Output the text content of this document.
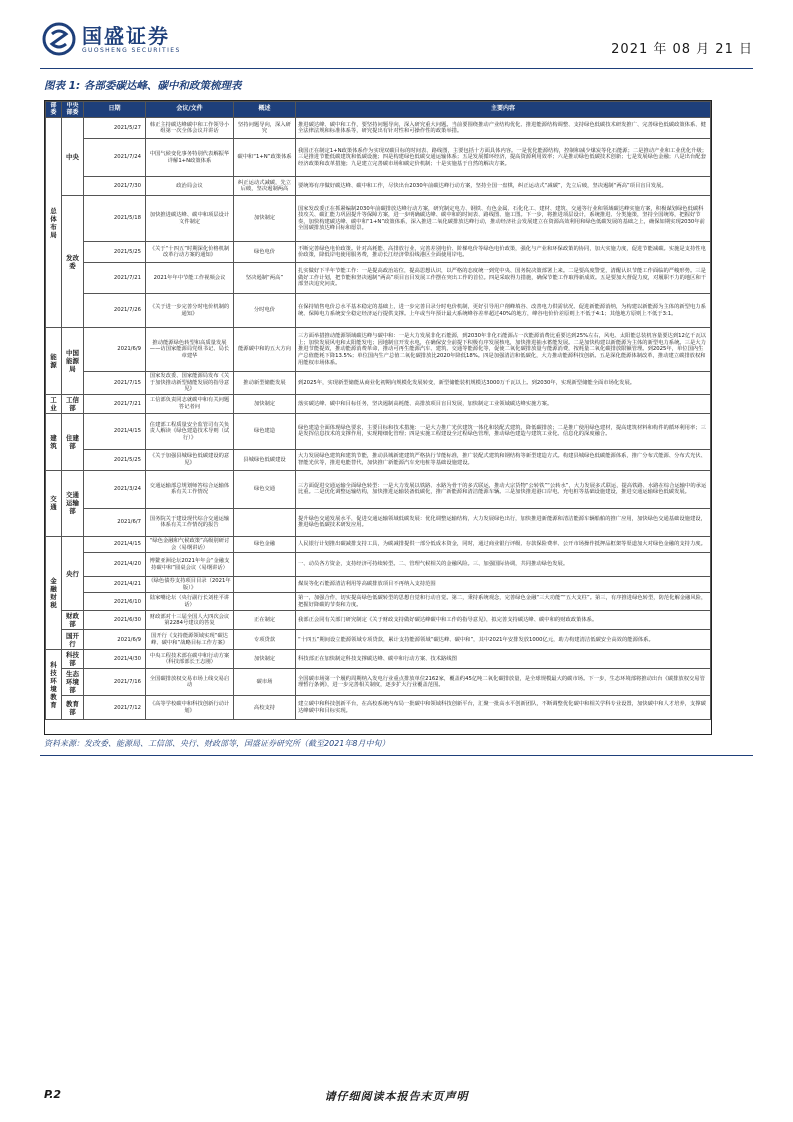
国盛证券
GUOSHENG SECURITIES	2021 年 08 月 21 日
图表 1: 各部委碳达峰、碳中和政策梳理表
部委	中央部委	日期	会议/文件	概述	主要内容
总体布局	中央	2021/5/27	韩正主持碳达峰碳中和工作领导小组第一次全体会议并讲话	坚持问题导向，深入研究	推进碳达峰、碳中和工作，要坚持问题导向，深入研究重大问题。当前要围绕推动产业结构优化、推进能源结构调整、支持绿色低碳技术研发推广、完善绿色低碳政策体系、健全法律法规和标准体系等，研究提出有针对性和可操作性的政策举措。
		2021/7/24	中国气候变化事务特别代表解振华详解1+N政策体系	碳中和“1+N”政策体系	我国正在制定1+N政策体系作为实现双碳目标的时间表、路线图，主要包括十方面具体内容。一是优化能源结构，控制和减少煤炭等化石能源；二是推动产业和工业优化升级；三是推进节能低碳建筑和低碳设施；四是构建绿色低碳交通运输体系；五是发展循环经济，提高资源利用效率；六是推动绿色低碳技术创新；七是发展绿色金融；八是出台配套经济政策和改革措施；九是建立完善碳市场和碳定价机制；十是实施基于自然的解决方案。
		2021/7/30	政治局会议	纠正运动式减碳，先立后破，坚决遏制两高	要统筹有序做好碳达峰、碳中和工作，尽快出台2030年前碳达峰行动方案，坚持全国一盘棋，纠正运动式“减碳”，先立后破，坚决遏制“两高”项目盲目发展。
	发改委	2021/5/18	加快推进碳达峰、碳中和项层设计文件制定	加快制定	国家发改委正在抓紧编制2030年前碳排放达峰行动方案，研究制定电力、钢铁、有色金属、石化化工、建材、建筑、交通等行业和领域碳达峰实施方案，积极谋划绿色低碳科技攻关、碳汇能力巩固提升等保障方案，进一步明确碳达峰、碳中和的时间表、路线图、施工图。下一步，将推进项层设计，系统推进、分类施策，坚持全国统筹，把握好节奏，加快构建碳达峰、碳中和“1+N”政策体系，深入推进二氧化碳排放达峰行动，推动经济社会发展建立在资源高效利用和绿色低碳发展的基础之上，确保如期实现2030年前全国碳排放达峰目标和愿景。
		2021/5/25	《关于“十四五”时期深化价格机制改革行动方案的通知》	绿色电价	不断完善绿色电价政策。针对高耗能、高排放行业，完善差别电价、阶梯电价等绿色电价政策，强化与产业和环保政策的协同，加大实施力度，促进节能减碳。实施是支持性电价政策，降低岸电使用服务费，推动长江经济带沿线港区全面使用岸电。
		2021/7/21	2021年年中节能工作视频会议	坚决遏制“两高”	扎实做好下半年节能工作：一是提高政治站位，提高思想认识，以严格的态度统一到党中央、国务院决策部署上来。二是要高度警觉，清醒认识节能工作面临的严峻形势。三是做好工作计划，把节能和坚决遏制“两高”项目盲目发展工作摆在突出工作的首位。四是采取得力措施，确保节能工作取得新成效。五是要加大督促力度，对履职不力的地区和干部坚决追究问责。
		2021/7/26	《关于进一步完善分时电价机制的通知》	分时电价	在保持销售电价总水平基本稳定的基础上，进一步完善目录分时电价机制，更好引导用户削峰填谷、改善电力供需状况、促进新能源消纳，为构建以新能源为主体的新型电力系统、保障电力系统安全稳定经济运行提供支撑。上年或当年预计最大系统峰谷差率超过40%的地方，峰谷电价价差原则上不低于4:1；其他地方原则上不低于3:1。
能源	中国能源局	2021/6/9	推动能源绿色转型和高质量发展——访国家能源局党组书记、局长章建华	能源碳中和的五大方向	三方面举措推动能源领域碳达峰与碳中和：一是大力发展非化石能源，到2030年非化石能源占一次能源消费比重要达到25%左右，风电、太阳能总装机容量要达到12亿千瓦以上；加快发展风电和太阳能发电；因地制宜开发水电，在确保安全前提下积极有序发展核电，加快推进抽水蓄能发展。二是加快构建以新能源为主体的新型电力系统。三是大力推进节能提效，推动能源消费革命，推动可再生能源汽车、建筑、交通等能源化等，促使二氧化碳排放量与能源消费，按耗量二氧化碳排放限额管理。到2025年，单位国内生产总值能耗下降13.5%；单位国内生产总值二氧化碳排放比2020年降低18%。四是加强清洁和低碳化，大力推动能源科技创新。五是深化能源体制改革，推动建立碳排放权和用能权市场体系。
		2021/7/15	国家发改委、国家能源局发布《关于加快推动新型储能发展的指导意见》	推动新型储能发展	到2025年，实现新型储能从商业化初期向规模化发展转变，新型储能装机规模达3000万千瓦以上。到2030年，实现新型储能全面市场化发展。
工业	工信部	2021/7/21	工信部负责同志就碳中和有关问题答记者问	加快制定	落实碳达峰、碳中和目标任务，坚决遏制高耗能、高排放项目盲目发展，加快制定工业领域碳达峰实施方案。
建筑	住建部	2021/4/15	住建部工程质量安全监管司有关负责人解读《绿色建造技术导则（试行）》	绿色建造	绿色建造全面体现绿色要求，主要目标和技术措施：一是大力推广光伏建筑一体化和装配式建筑，降低碳排放；二是推广使用绿色建材，提高建筑材料和构件的循环利用率；三是发挥信息技术的支撑作用，实现精细化管理；四是实施工程建设全过程绿色管理，推动绿色建造与建筑工业化、信息化的深度融合。
		2021/5/25	《关于加强县城绿色低碳建设的意见》	县城绿色低碳建设	大力发展绿色建筑和建筑节能，推动县城新建建筑严格执行节能标准，推广装配式建筑和钢结构等新型建造方式。构建县城绿色低碳能源体系，推广分布式能源、分布式光伏、智能光伏等，推进电能替代，加快推广新能源汽车充电桩等基础设施建设。
交通	交通运输部	2021/3/24	交通运输部总规划师答综合运输体系有关工作情况	绿色交通	三方面促进交通运输全面绿色转型：一是大力发展以铁路、水路为骨干的多式联运，推动大宗货物“公转铁”“公转水”，大力发展多式联运，提高铁路、水路在综合运输中的承运比重。二是优化调整运输结构，加快推进运输装备低碳化，推广新能源和清洁能源车辆。三是加快推进港口岸电、充电桩等基础设施建设，推进交通运输绿色低碳发展。
		2021/6/7	国务院关于建设现代综合交通运输体系有关工作情况的报告		提升绿色交通发展水平，促进交通运输领域低碳发展：优化调整运输结构，大力发展绿色出行，加快推进新能源和清洁能源车辆船舶的推广应用，加快绿色交通基础设施建设，推进绿色低碳技术研发应用。
金融财税	央行	2021/4/15	“绿色金融和气候政策”高级别研讨会（易纲讲话）	绿色金融	人民银行计划推出碳减排支持工具，为碳减排提供一部分低成本资金，同时，通过商业银行评级、存款保险费率、公开市场操作抵押品框架等渠道加大对绿色金融的支持力度。
		2021/4/20	博鳌亚洲论坛2021年年会“金融支持碳中和”圆桌会议（易纲讲话）		一、动员各方资金，支持经济可持续转型。二、管理气候相关的金融风险。三、加强国际协调，共同推动绿色发展。
		2021/4/21	《绿色债券支持项目目录（2021年版）》		煤炭等化石能源清洁利用等高碳排放项目不再纳入支持范围
		2021/6/10	陆家嘴论坛（央行副行长刘桂平讲话）		第一，加强合作，切实提高绿色低碳转型的思想自觉和行动自觉。第二，秉持系统观念，完善绿色金融“三大功能”“五大支柱”。第三，有序推进绿色转型，防范化解金融风险，把握好降碳的节奏和力度。
	财政部	2021/6/30	财政部对十三届全国人大四次会议第2284号建议的答复	正在制定	我部正会同有关部门研究制定《关于财政支持做好碳达峰碳中和工作的指导意见》，拟完善支持碳达峰、碳中和的财政政策体系。
	国开行	2021/6/9	国开行《支持能源领域实现“碳达峰、碳中和”战略目标工作方案》	专项贷款	“十四五”期间设立能源领域专项贷款，累计支持能源领域“碳达峰、碳中和”，其中2021年安排发放1000亿元，助力构建清洁低碳安全高效的能源体系。
科技环境教育	科技部	2021/4/30	中央工程技术部在碳中和行动方案（科技部部长王志刚）	加快制定	科技部正在加快制定科技支撑碳达峰、碳中和行动方案、技术路线图
	生态环境部	2021/7/16	全国碳排放权交易市场上线交易启动	碳市场	全国碳市场第一个履约周期纳入发电行业重点排放单位2162家，覆盖约45亿吨二氧化碳排放量，是全球规模最大的碳市场。下一步，生态环境部将推动出台《碳排放权交易管理暂行条例》，进一步完善相关制度，逐步扩大行业覆盖范围。
	教育部	2021/7/12	《高等学校碳中和科技创新行动计划》	高校支持	建立碳中和科技创新平台，在高校系统内布局一批碳中和领域科技创新平台，汇聚一批高水平创新团队，不断调整优化碳中和相关学科专业设置，加快碳中和人才培养，支撑碳达峰碳中和目标实现。
资料来源：发改委、能源局、工信部、央行、财政部等，国盛证券研究所（截至2021年8月中旬）
P.2	请仔细阅读本报告末页声明
